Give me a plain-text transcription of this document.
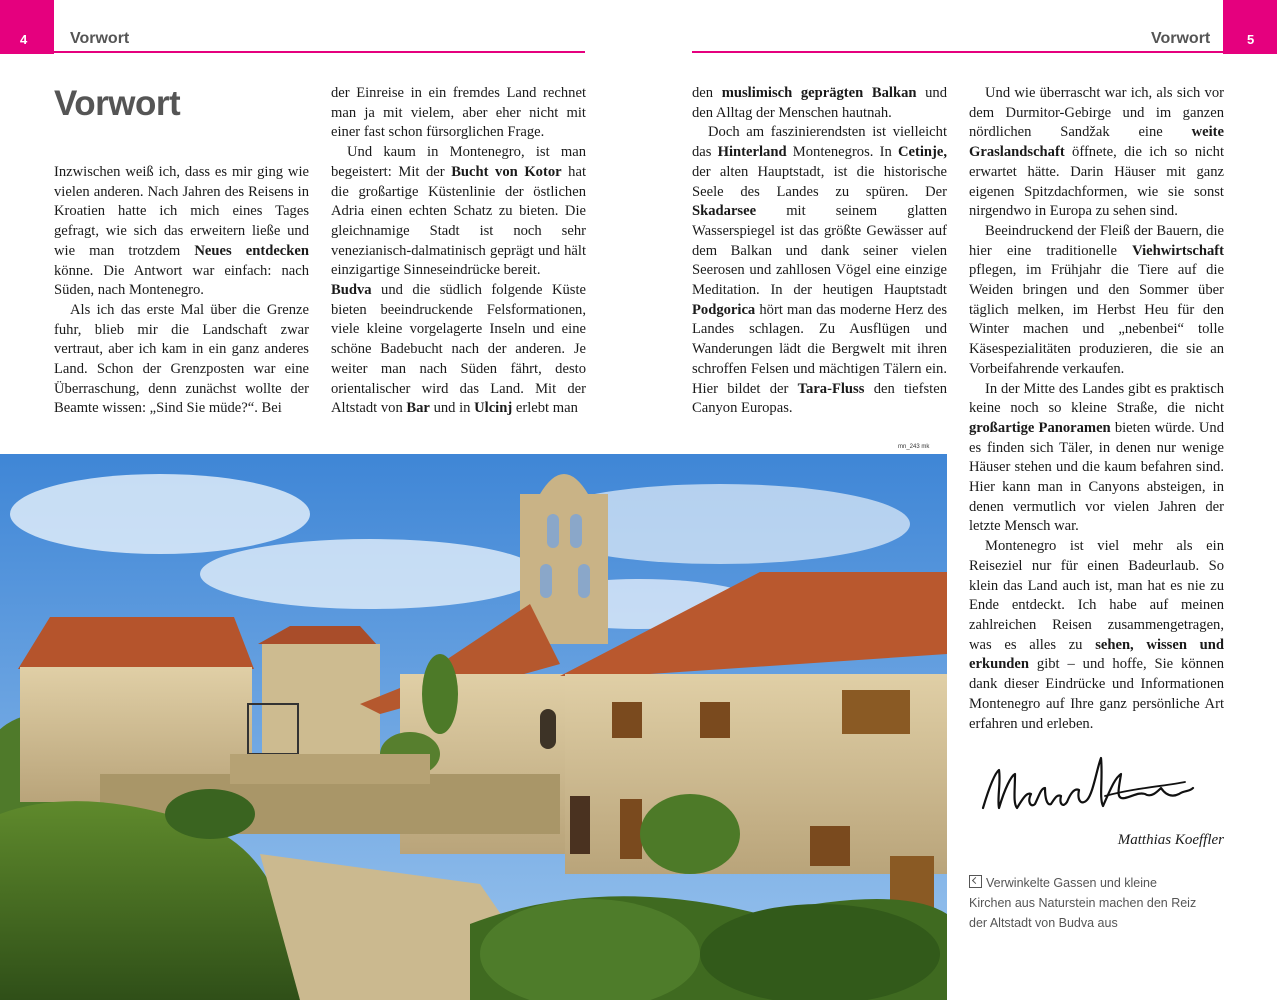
4	Vorwort	5
Vorwort
Vorwort

Inzwischen weiß ich, dass es mir ging wie vielen anderen. Nach Jahren des Reisens in Kroatien hatte ich mich eines Tages gefragt, wie sich das erweitern ließe und wie man trotzdem Neues entdecken könne. Die Antwort war einfach: nach Süden, nach Montenegro.

Als ich das erste Mal über die Grenze fuhr, blieb mir die Landschaft zwar vertraut, aber ich kam in ein ganz anderes Land. Schon der Grenzposten war eine Überraschung, denn zunächst wollte der Beamte wissen: „Sind Sie müde?“. Bei

der Einreise in ein fremdes Land rechnet man ja mit vielem, aber eher nicht mit einer fast schon fürsorglichen Frage.

Und kaum in Montenegro, ist man begeistert: Mit der Bucht von Kotor hat die großartige Küstenlinie der östlichen Adria einen echten Schatz zu bieten. Die gleichnamige Stadt ist noch sehr venezianisch-dalmatinisch geprägt und hält einzigartige Sinneseindrücke bereit.

Budva und die südlich folgende Küste bieten beeindruckende Felsformationen, viele kleine vorgelagerte Inseln und eine schöne Badebucht nach der anderen. Je weiter man nach Süden fährt, desto orientalischer wird das Land. Mit der Altstadt von Bar und in Ulcinj erlebt man

den muslimisch geprägten Balkan und den Alltag der Menschen hautnah.

Doch am faszinierendsten ist vielleicht das Hinterland Montenegros. In Cetinje, der alten Hauptstadt, ist die historische Seele des Landes zu spüren. Der Skadarsee mit seinem glatten Wasserspiegel ist das größte Gewässer auf dem Balkan und dank seiner vielen Seerosen und zahllosen Vögel eine einzige Meditation. In der heutigen Hauptstadt Podgorica hört man das moderne Herz des Landes schlagen. Zu Ausflügen und Wanderungen lädt die Bergwelt mit ihren schroffen Felsen und mächtigen Tälern ein. Hier bildet der Tara-Fluss den tiefsten Canyon Europas.

Und wie überrascht war ich, als sich vor dem Durmitor-Gebirge und im ganzen nördlichen Sandžak eine weite Graslandschaft öffnete, die ich so nicht erwartet hätte. Darin Häuser mit ganz eigenen Spitzdachformen, wie sie sonst nirgendwo in Europa zu sehen sind.

Beeindruckend der Fleiß der Bauern, die hier eine traditionelle Viehwirtschaft pflegen, im Frühjahr die Tiere auf die Weiden bringen und den Sommer über täglich melken, im Herbst Heu für den Winter machen und „nebenbei“ tolle Käsespezialitäten produzieren, die sie an Vorbeifahrende verkaufen.

In der Mitte des Landes gibt es praktisch keine noch so kleine Straße, die nicht großartige Panoramen bieten würde. Und es finden sich Täler, in denen nur wenige Häuser stehen und die kaum befahren sind. Hier kann man in Canyons absteigen, in denen vermutlich vor vielen Jahren der letzte Mensch war.

Montenegro ist viel mehr als ein Reiseziel nur für einen Badeurlaub. So klein das Land auch ist, man hat es nie zu Ende entdeckt. Ich habe auf meinen zahlreichen Reisen zusammengetragen, was es alles zu sehen, wissen und erkunden gibt – und hoffe, Sie können dank dieser Eindrücke und Informationen Montenegro auf Ihre ganz persönliche Art erfahren und erleben.

mn_243 mk
Matthias Koeffler
Verwinkelte Gassen und kleine Kirchen aus Naturstein machen den Reiz der Altstadt von Budva aus
